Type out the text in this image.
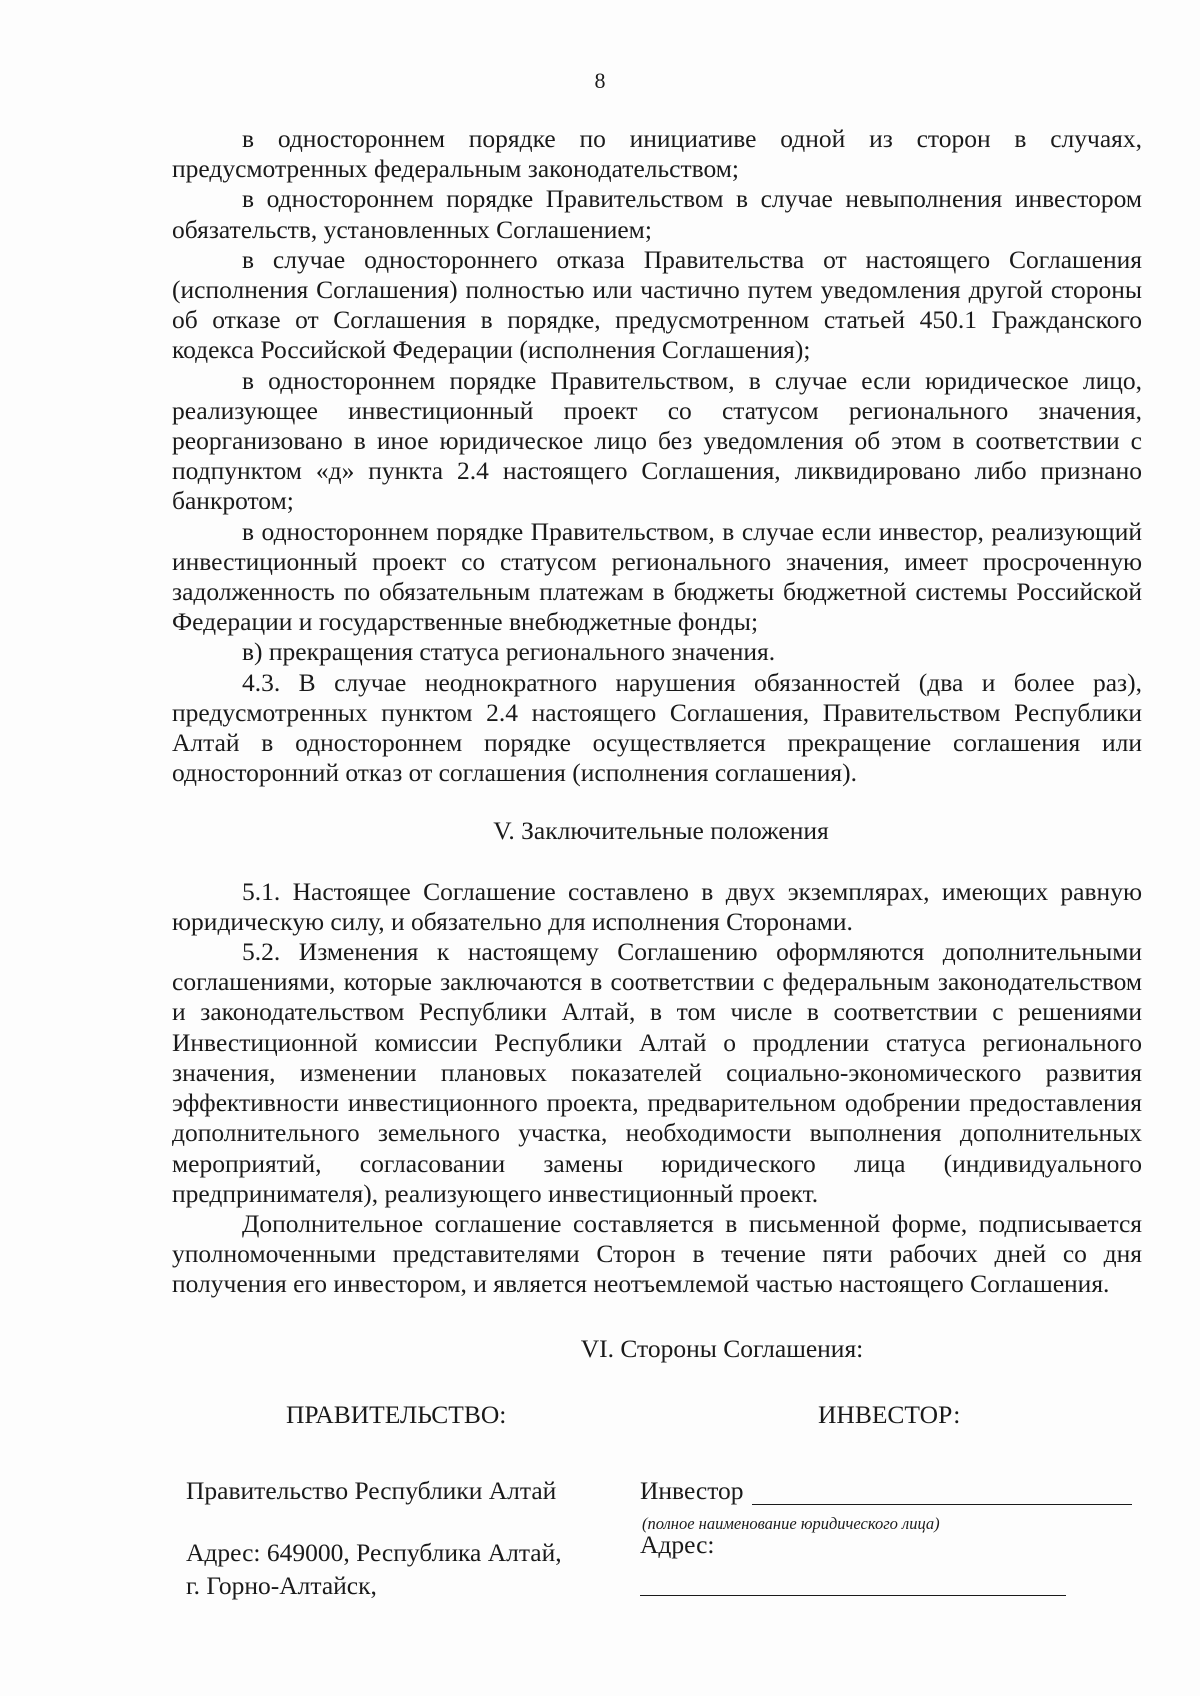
8

в одностороннем порядке по инициативе одной из сторон в случаях, предусмотренных федеральным законодательством;

в одностороннем порядке Правительством в случае невыполнения инвестором обязательств, установленных Соглашением;

в случае одностороннего отказа Правительства от настоящего Соглашения (исполнения Соглашения) полностью или частично путем уведомления другой стороны об отказе от Соглашения в порядке, предусмотренном статьей 450.1 Гражданского кодекса Российской Федерации (исполнения Соглашения);

в одностороннем порядке Правительством, в случае если юридическое лицо, реализующее инвестиционный проект со статусом регионального значения, реорганизовано в иное юридическое лицо без уведомления об этом в соответствии с подпунктом «д» пункта 2.4 настоящего Соглашения, ликвидировано либо признано банкротом;

в одностороннем порядке Правительством, в случае если инвестор, реализующий инвестиционный проект со статусом регионального значения, имеет просроченную задолженность по обязательным платежам в бюджеты бюджетной системы Российской Федерации и государственные внебюджетные фонды;

в) прекращения статуса регионального значения.

4.3. В случае неоднократного нарушения обязанностей (два и более раз), предусмотренных пунктом 2.4 настоящего Соглашения, Правительством Республики Алтай в одностороннем порядке осуществляется прекращение соглашения или односторонний отказ от соглашения (исполнения соглашения).

V. Заключительные положения

5.1. Настоящее Соглашение составлено в двух экземплярах, имеющих равную юридическую силу, и обязательно для исполнения Сторонами.

5.2. Изменения к настоящему Соглашению оформляются дополнительными соглашениями, которые заключаются в соответствии с федеральным законодательством и законодательством Республики Алтай, в том числе в соответствии с решениями Инвестиционной комиссии Республики Алтай о продлении статуса регионального значения, изменении плановых показателей социально-экономического развития эффективности инвестиционного проекта, предварительном одобрении предоставления дополнительного земельного участка, необходимости выполнения дополнительных мероприятий, согласовании замены юридического лица (индивидуального предпринимателя), реализующего инвестиционный проект.

Дополнительное соглашение составляется в письменной форме, подписывается уполномоченными представителями Сторон в течение пяти рабочих дней со дня получения его инвестором, и является неотъемлемой частью настоящего Соглашения.

VI. Стороны Соглашения:

ПРАВИТЕЛЬСТВО:	ИНВЕСТОР:
Правительство Республики Алтай
Адрес: 649000, Республика Алтай,
г. Горно-Алтайск,
Инвестор
(полное наименование юридического лица)
Адрес:
